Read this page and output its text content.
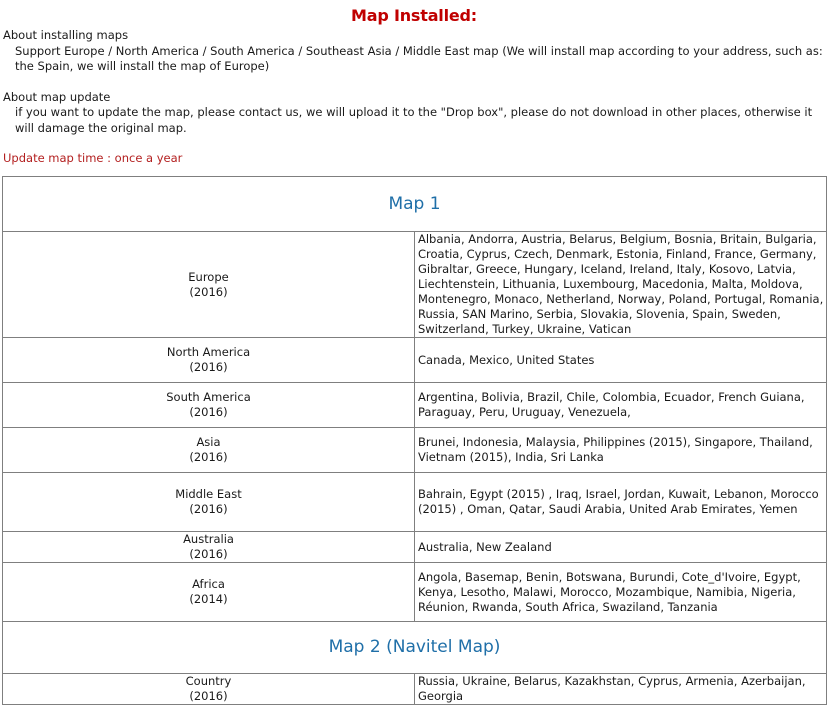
Map Installed:
About installing maps
Support Europe / North America / South America / Southeast Asia / Middle East map (We will install map according to your address, such as: the Spain, we will install the map of Europe)
About map update
if you want to update the map, please contact us, we will upload it to the "Drop box", please do not download in other places, otherwise it will damage the original map.
Update map time : once a year
Map 1	

Europe
(2016)	Albania, Andorra, Austria, Belarus, Belgium, Bosnia, Britain, Bulgaria, Croatia, Cyprus, Czech, Denmark, Estonia, Finland, France, Germany, Gibraltar, Greece, Hungary, Iceland, Ireland, Italy, Kosovo, Latvia, Liechtenstein, Lithuania, Luxembourg, Macedonia, Malta, Moldova, Montenegro, Monaco, Netherland, Norway, Poland, Portugal, Romania, Russia, SAN Marino, Serbia, Slovakia, Slovenia, Spain, Sweden, Switzerland, Turkey, Ukraine, Vatican

North America
(2016)	Canada, Mexico, United States

South America
(2016)	Argentina, Bolivia, Brazil, Chile, Colombia, Ecuador, French Guiana, Paraguay, Peru, Uruguay, Venezuela,

Asia
(2016)	Brunei, Indonesia, Malaysia, Philippines (2015), Singapore, Thailand, Vietnam (2015), India, Sri Lanka

Middle East
(2016)	Bahrain, Egypt (2015) , Iraq, Israel, Jordan, Kuwait, Lebanon, Morocco (2015) , Oman, Qatar, Saudi Arabia, United Arab Emirates, Yemen

Australia
(2016)	Australia, New Zealand

Africa
(2014)	Angola, Basemap, Benin, Botswana, Burundi, Cote_d'Ivoire, Egypt, Kenya, Lesotho, Malawi, Morocco, Mozambique, Namibia, Nigeria, Réunion, Rwanda, South Africa, Swaziland, Tanzania
Map 2 (Navitel Map)	

Country
(2016)	Russia, Ukraine, Belarus, Kazakhstan, Cyprus, Armenia, Azerbaijan, Georgia
